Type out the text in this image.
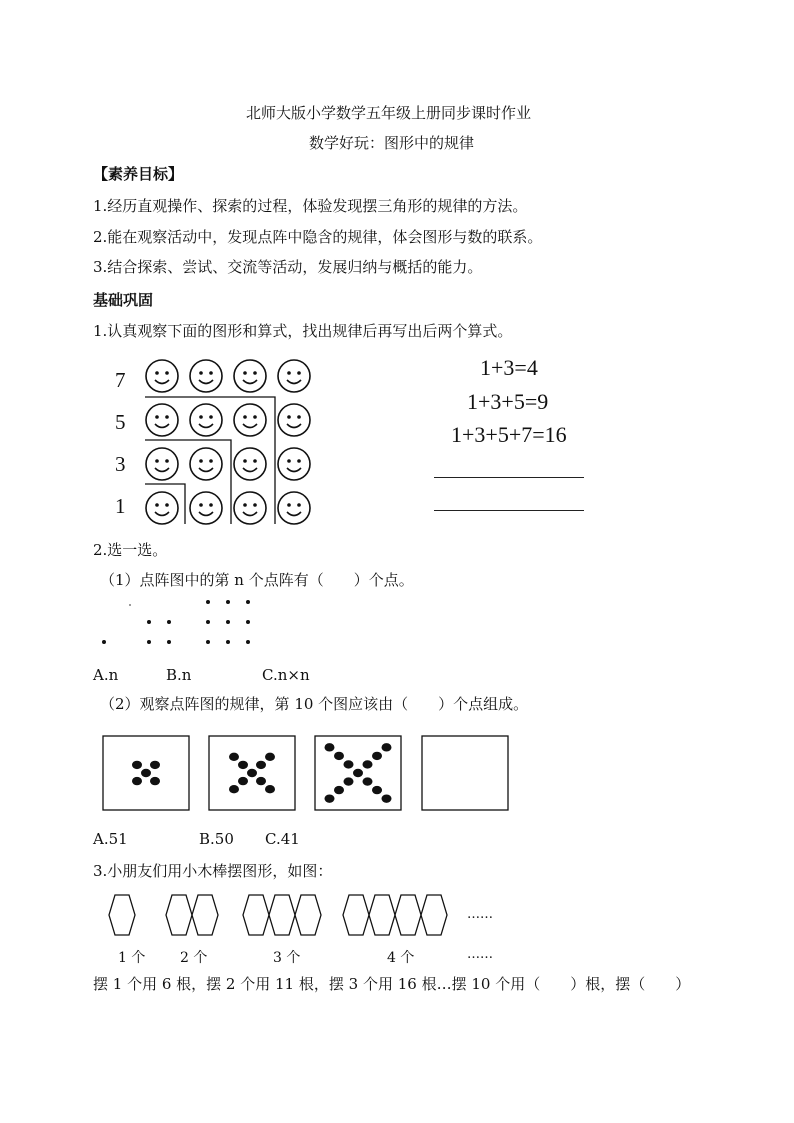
北师大版小学数学五年级上册同步课时作业
数学好玩：图形中的规律
【素养目标】
1.经历直观操作、探索的过程，体验发现摆三角形的规律的方法。
2.能在观察活动中，发现点阵中隐含的规律，体会图形与数的联系。
3.结合探索、尝试、交流等活动，发展归纳与概括的能力。
基础巩固
1.认真观察下面的图形和算式，找出规律后再写出后两个算式。
7
5
3
1
1+3=4
1+3+5=9
1+3+5+7=16
2.选一选。
（1）点阵图中的第 n 个点阵有（　　）个点。
A.n	B.n	C.n×n
（2）观察点阵图的规律，第 10 个图应该由（　　）个点组成。
A.51	B.50 C.41
3.小朋友们用小木棒摆图形，如图：
……
1 个 2 个	3 个	4 个	……
摆 1 个用 6 根，摆 2 个用 11 根，摆 3 个用 16 根…摆 10 个用（　　）根，摆（　　）
